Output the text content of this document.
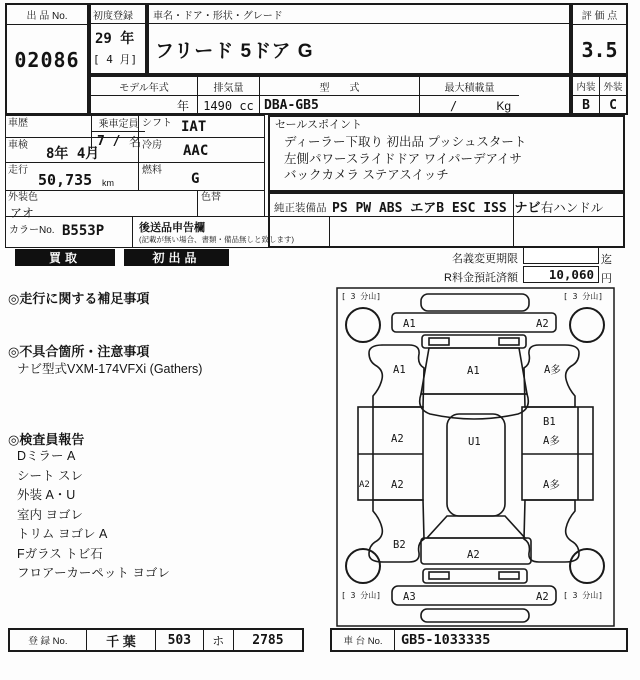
出 品 No.
02086
初度登録
29 年
[ 4 月]
車名・ドア・形状・グレード
フリード 5ドア G
評 価 点
3.5
モデル年式
年
排気量
1490 cc
型　　式
DBA-GB5
最大積載量
/	Kg
乗車定員
7 / 名
内装 外装
B	C
車歴	シフト IAT
車検
8年 4月
冷房 AAC
走行
50,735 km
燃料
G
外装色
アオ
色替
カラーNo. B553P	後送品申告欄
(記載が無い場合、書類・備品無しと致します)
セールスポイント
ディーラー下取り 初出品 プッシュスタート
左側パワースライドドア ワイパーデアイサ
バックカメラ ステアスイッチ
純正装備品 PS PW ABS エアB ESC ISS ナビ 右ハンドル
買取	初出品	名義変更期限	迄
R料金預託済額 10,060 円
◎走行に関する補足事項
◎不具合箇所・注意事項
ナビ型式VXM-174VFXi (Gathers)
◎検査員報告
Dミラー A
シート スレ
外装 A・U
室内 ヨゴレ
トリム ヨゴレ A
Fガラス トビ石
フロアーカーペット ヨゴレ
[ 3 分山]	[ 3 分山]
[ 3 分山]	[ 3 分山]
A1	A2
A1	A1	A多
B1
A多
A2	U1
A2 A2	A多
B2
A2
A3	A2
登 録 No.	千 葉	503	ホ	2785	車 台 No.	GB5-1033335
